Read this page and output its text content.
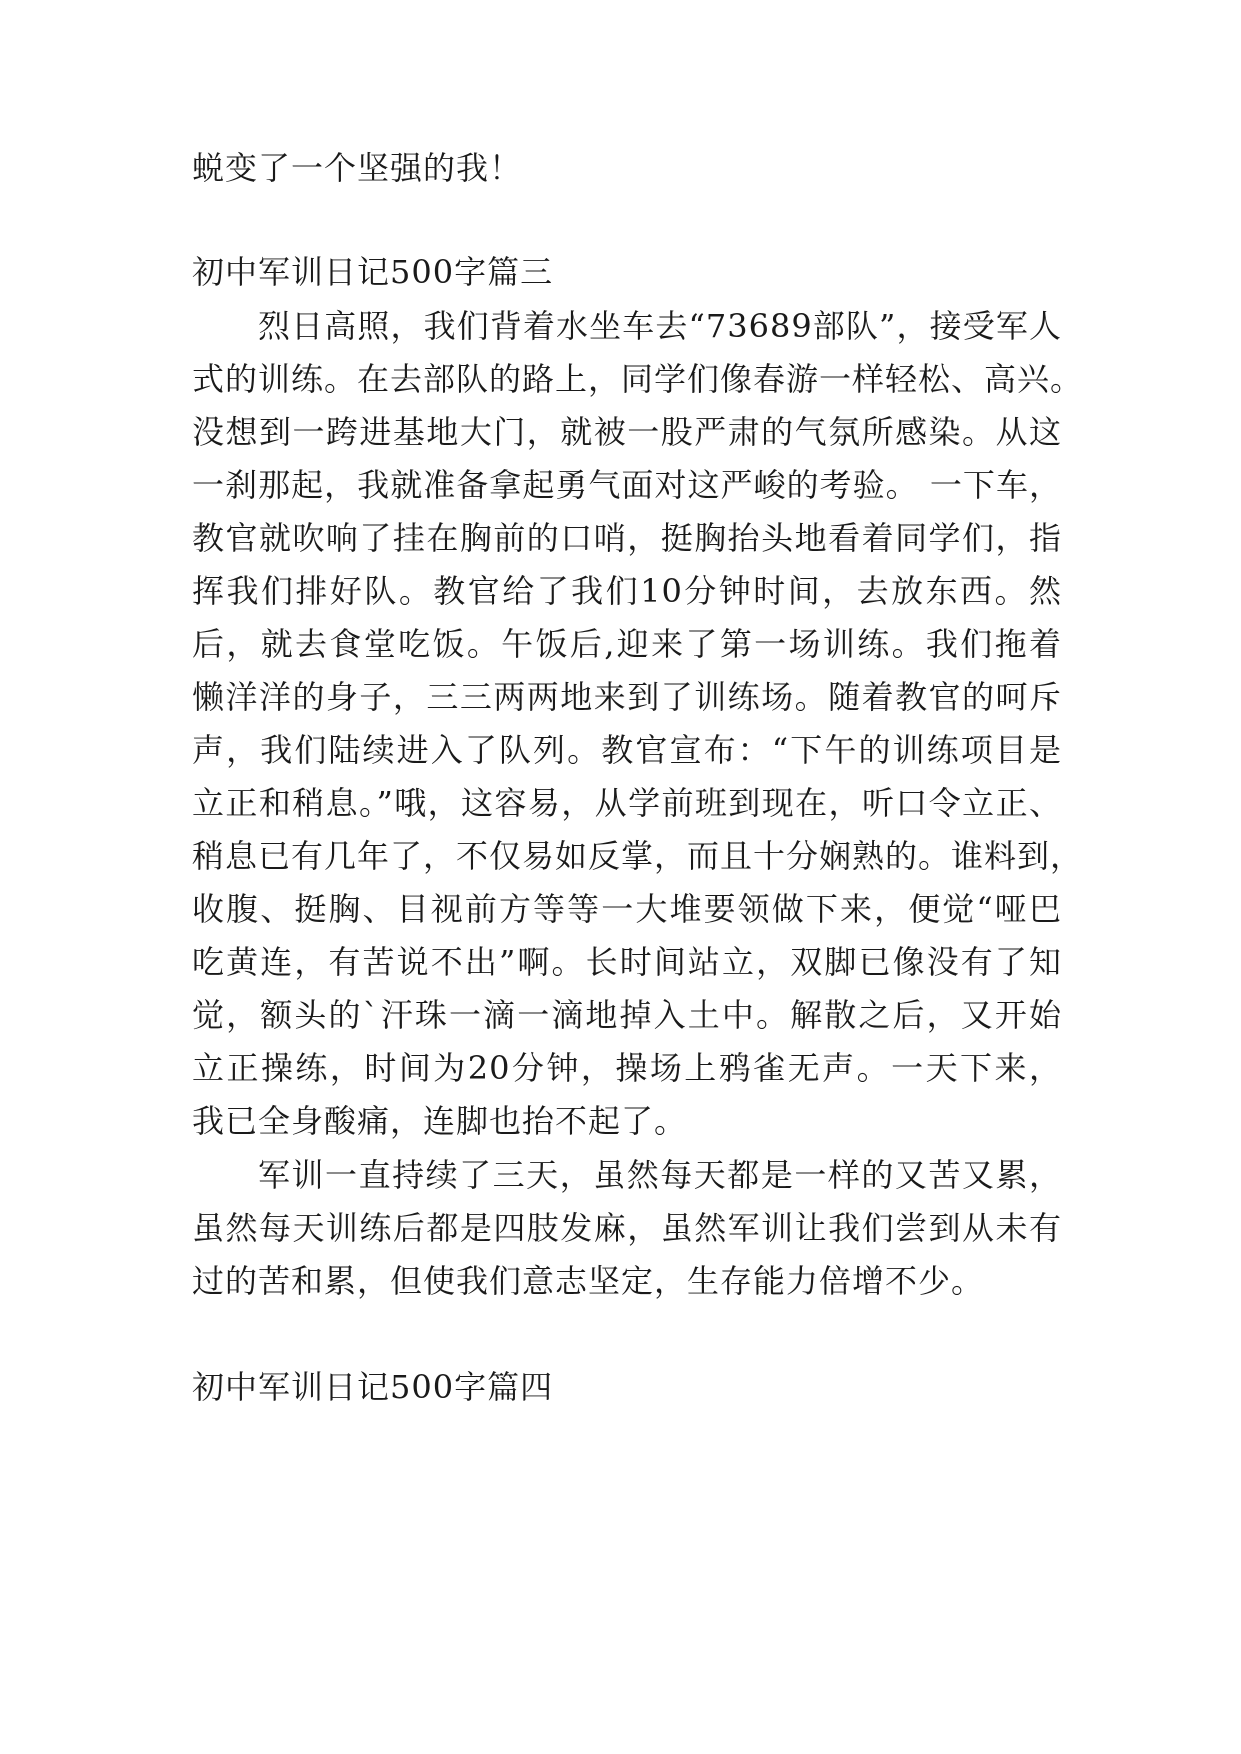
蜕变了一个坚强的我！
初中军训日记500字篇三
烈日高照，我们背着水坐车去“73689部队”，接受军人
式的训练。在去部队的路上，同学们像春游一样轻松、高兴。
没想到一跨进基地大门，就被一股严肃的气氛所感染。从这
一刹那起，我就准备拿起勇气面对这严峻的考验。 一下车，
教官就吹响了挂在胸前的口哨，挺胸抬头地看着同学们，指
挥我们排好队。教官给了我们10分钟时间，去放东西。然
后，就去食堂吃饭。午饭后,迎来了第一场训练。我们拖着
懒洋洋的身子，三三两两地来到了训练场。随着教官的呵斥
声，我们陆续进入了队列。教官宣布：“下午的训练项目是
立正和稍息。”哦，这容易，从学前班到现在，听口令立正、
稍息已有几年了，不仅易如反掌，而且十分娴熟的。谁料到，
收腹、挺胸、目视前方等等一大堆要领做下来，便觉“哑巴
吃黄连，有苦说不出”啊。长时间站立，双脚已像没有了知
觉，额头的`汗珠一滴一滴地掉入土中。解散之后，又开始
立正操练，时间为20分钟，操场上鸦雀无声。一天下来，
我已全身酸痛，连脚也抬不起了。
军训一直持续了三天，虽然每天都是一样的又苦又累，
虽然每天训练后都是四肢发麻，虽然军训让我们尝到从未有
过的苦和累，但使我们意志坚定，生存能力倍增不少。
初中军训日记500字篇四
